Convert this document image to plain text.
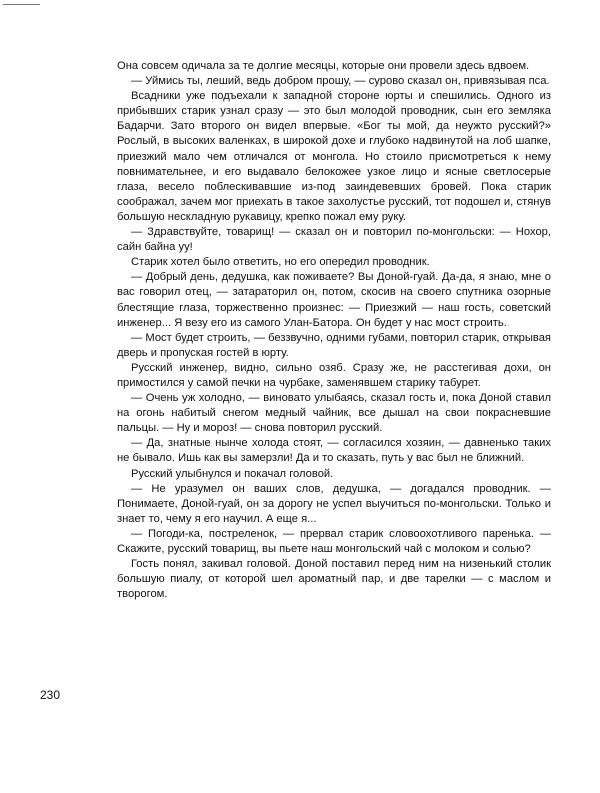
Она совсем одичала за те долгие месяцы, которые они провели здесь вдвоем.

— Уймись ты, леший, ведь добром прошу, — сурово сказал он, привязывая пса.

Всадники уже подъехали к западной стороне юрты и спешились. Одного из прибывших старик узнал сразу — это был молодой проводник, сын его земляка Бадарчи. Зато второго он видел впервые. «Бог ты мой, да неужто русский?» Рослый, в высоких валенках, в широкой дохе и глубоко надвинутой на лоб шапке, приезжий мало чем отличался от монгола. Но стоило присмотреться к нему повнимательнее, и его выдавало белокожее узкое лицо и ясные светлосерые глаза, весело поблескивавшие из-под заиндевевших бровей. Пока старик соображал, зачем мог приехать в такое захолустье русский, тот подошел и, стянув большую нескладную рукавицу, крепко пожал ему руку.

— Здравствуйте, товарищ! — сказал он и повторил по-монгольски: — Нохор, сайн байна уу!

Старик хотел было ответить, но его опередил проводник.

— Добрый день, дедушка, как поживаете? Вы Доной-гуай. Да-да, я знаю, мне о вас говорил отец, — затараторил он, потом, скосив на своего спутника озорные блестящие глаза, торжественно произнес: — Приезжий — наш гость, советский инженер... Я везу его из самого Улан-Батора. Он будет у нас мост строить.

— Мост будет строить, — беззвучно, одними губами, повторил старик, открывая дверь и пропуская гостей в юрту.

Русский инженер, видно, сильно озяб. Сразу же, не расстегивая дохи, он примостился у самой печки на чурбаке, заменявшем старику табурет.

— Очень уж холодно, — виновато улыбаясь, сказал гость и, пока Доной ставил на огонь набитый снегом медный чайник, все дышал на свои покрасневшие пальцы. — Ну и мороз! — снова повторил русский.

— Да, знатные нынче холода стоят, — согласился хозяин, — давненько таких не бывало. Ишь как вы замерзли! Да и то сказать, путь у вас был не ближний.

Русский улыбнулся и покачал головой.

— Не уразумел он ваших слов, дедушка, — догадался проводник. — Понимаете, Доной-гуай, он за дорогу не успел выучиться по-монгольски. Только и знает то, чему я его научил. А еще я...

— Погоди-ка, постреленок, — прервал старик словоохотливого паренька. — Скажите, русский товарищ, вы пьете наш монгольский чай с молоком и солью?

Гость понял, закивал головой. Доной поставил перед ним на низенький столик большую пиалу, от которой шел ароматный пар, и две тарелки — с маслом и творогом.

230
